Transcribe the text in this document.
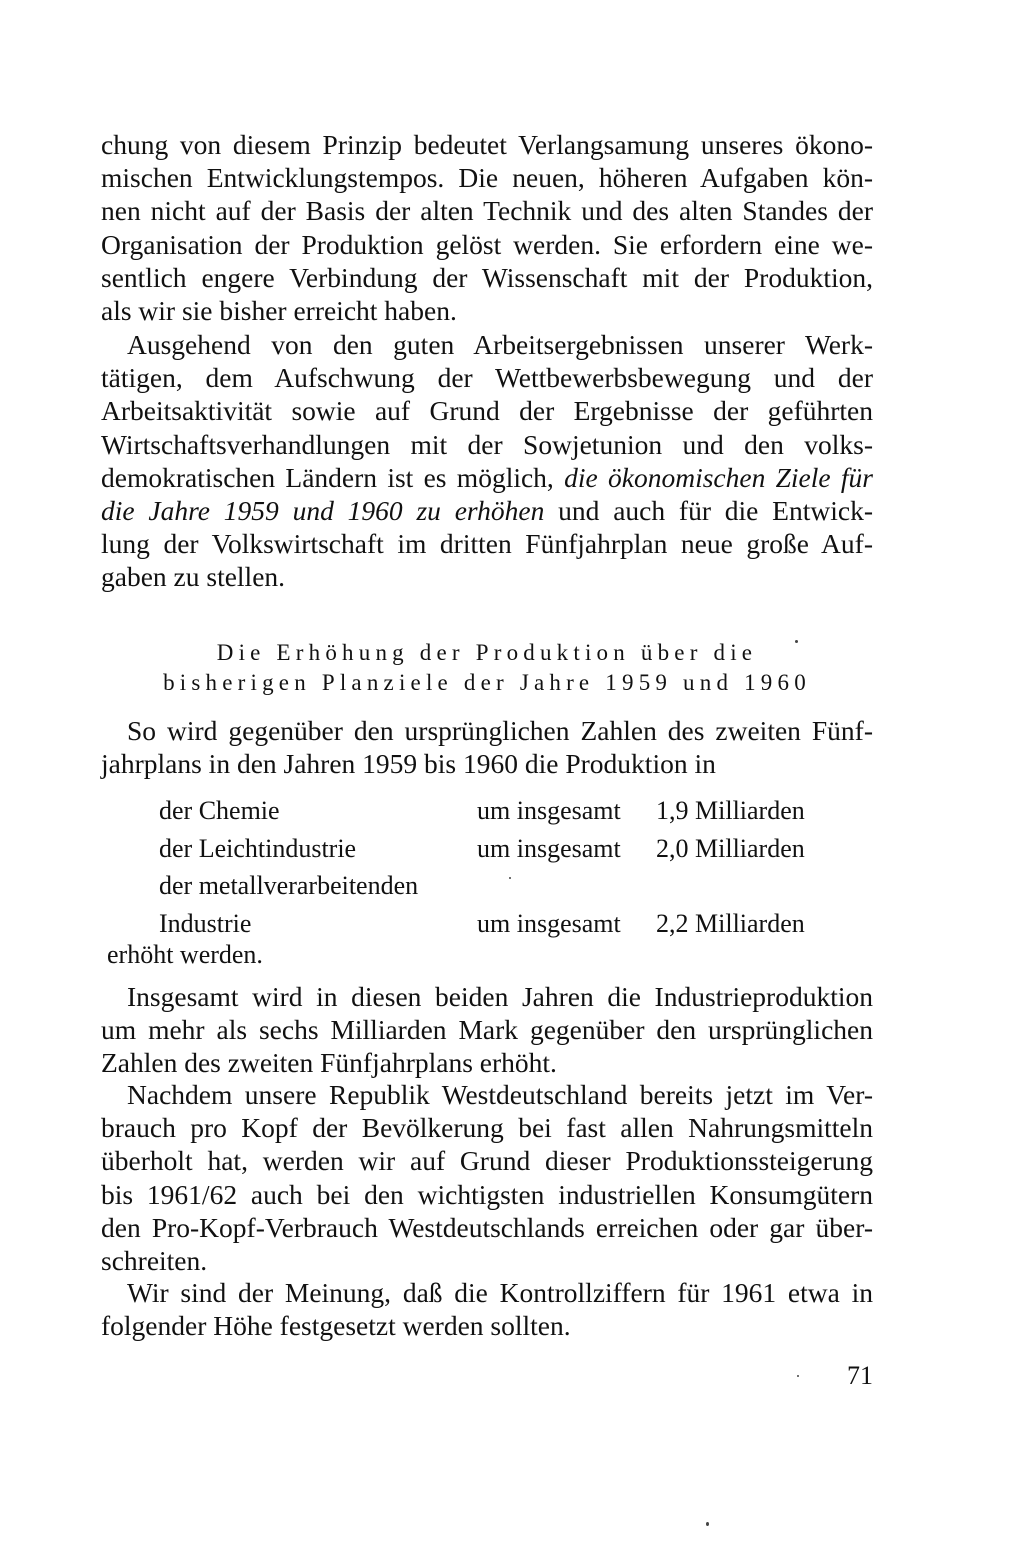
chung von diesem Prinzip bedeutet Verlangsamung unseres ökono-
mischen Entwicklungstempos. Die neuen, höheren Aufgaben kön-
nen nicht auf der Basis der alten Technik und des alten Standes der
Organisation der Produktion gelöst werden. Sie erfordern eine we-
sentlich engere Verbindung der Wissenschaft mit der Produktion,
als wir sie bisher erreicht haben.
Ausgehend von den guten Arbeitsergebnissen unserer Werk-
tätigen, dem Aufschwung der Wettbewerbsbewegung und der
Arbeitsaktivität sowie auf Grund der Ergebnisse der geführten
Wirtschaftsverhandlungen mit der Sowjetunion und den volks-
demokratischen Ländern ist es möglich, die ökonomischen Ziele für
die Jahre 1959 und 1960 zu erhöhen und auch für die Entwick-
lung der Volkswirtschaft im dritten Fünfjahrplan neue große Auf-
gaben zu stellen.
Die Erhöhung der Produktion über die
bisherigen Planziele der Jahre 1959 und 1960
So wird gegenüber den ursprünglichen Zahlen des zweiten Fünf-
jahrplans in den Jahren 1959 bis 1960 die Produktion in
der Chemie	um insgesamt 1,9 Milliarden
der Leichtindustrie	um insgesamt 2,0 Milliarden
der metallverarbeitenden
Industrie	um insgesamt 2,2 Milliarden
erhöht werden.
Insgesamt wird in diesen beiden Jahren die Industrieproduktion
um mehr als sechs Milliarden Mark gegenüber den ursprünglichen
Zahlen des zweiten Fünfjahrplans erhöht.
Nachdem unsere Republik Westdeutschland bereits jetzt im Ver-
brauch pro Kopf der Bevölkerung bei fast allen Nahrungsmitteln
überholt hat, werden wir auf Grund dieser Produktionssteigerung
bis 1961/62 auch bei den wichtigsten industriellen Konsumgütern
den Pro-Kopf-Verbrauch Westdeutschlands erreichen oder gar über-
schreiten.
Wir sind der Meinung, daß die Kontrollziffern für 1961 etwa in
folgender Höhe festgesetzt werden sollten.
71
